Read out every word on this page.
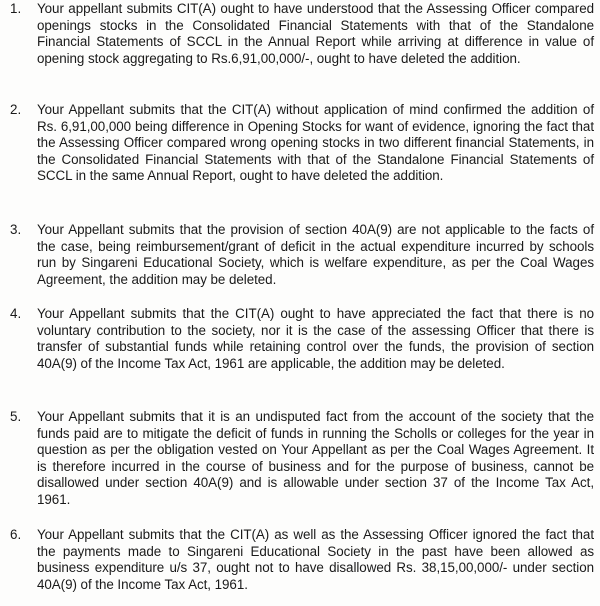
1. Your appellant submits CIT(A) ought to have understood that the Assessing Officer compared openings stocks in the Consolidated Financial Statements with that of the Standalone Financial Statements of SCCL in the Annual Report while arriving at difference in value of opening stock aggregating to Rs.6,91,00,000/-, ought to have deleted the addition.
2. Your Appellant submits that the CIT(A) without application of mind confirmed the addition of Rs. 6,91,00,000 being difference in Opening Stocks for want of evidence, ignoring the fact that the Assessing Officer compared wrong opening stocks in two different financial Statements, in the Consolidated Financial Statements with that of the Standalone Financial Statements of SCCL in the same Annual Report, ought to have deleted the addition.
3. Your Appellant submits that the provision of section 40A(9) are not applicable to the facts of the case, being reimbursement/grant of deficit in the actual expenditure incurred by schools run by Singareni Educational Society, which is welfare expenditure, as per the Coal Wages Agreement, the addition may be deleted.
4. Your Appellant submits that the CIT(A) ought to have appreciated the fact that there is no voluntary contribution to the society, nor it is the case of the assessing Officer that there is transfer of substantial funds while retaining control over the funds, the provision of section 40A(9) of the Income Tax Act, 1961 are applicable, the addition may be deleted.
5. Your Appellant submits that it is an undisputed fact from the account of the society that the funds paid are to mitigate the deficit of funds in running the Scholls or colleges for the year in question as per the obligation vested on Your Appellant as per the Coal Wages Agreement. It is therefore incurred in the course of business and for the purpose of business, cannot be disallowed under section 40A(9) and is allowable under section 37 of the Income Tax Act, 1961.
6. Your Appellant submits that the CIT(A) as well as the Assessing Officer ignored the fact that the payments made to Singareni Educational Society in the past have been allowed as business expenditure u/s 37, ought not to have disallowed Rs. 38,15,00,000/- under section 40A(9) of the Income Tax Act, 1961.
